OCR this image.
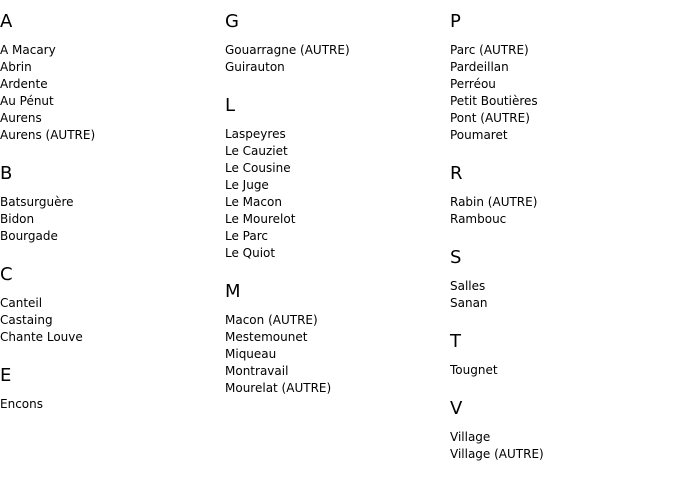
A
A Macary
Abrin
Ardente
Au Pénut
Aurens
Aurens (AUTRE)
B
Batsurguère
Bidon
Bourgade
C
Canteil
Castaing
Chante Louve
E
Encons
G
Gouarragne (AUTRE)
Guirauton
L
Laspeyres
Le Cauziet
Le Cousine
Le Juge
Le Macon
Le Mourelot
Le Parc
Le Quiot
M
Macon (AUTRE)
Mestemounet
Miqueau
Montravail
Mourelat (AUTRE)
P
Parc (AUTRE)
Pardeillan
Perréou
Petit Boutières
Pont (AUTRE)
Poumaret
R
Rabin (AUTRE)
Rambouc
S
Salles
Sanan
T
Tougnet
V
Village
Village (AUTRE)
